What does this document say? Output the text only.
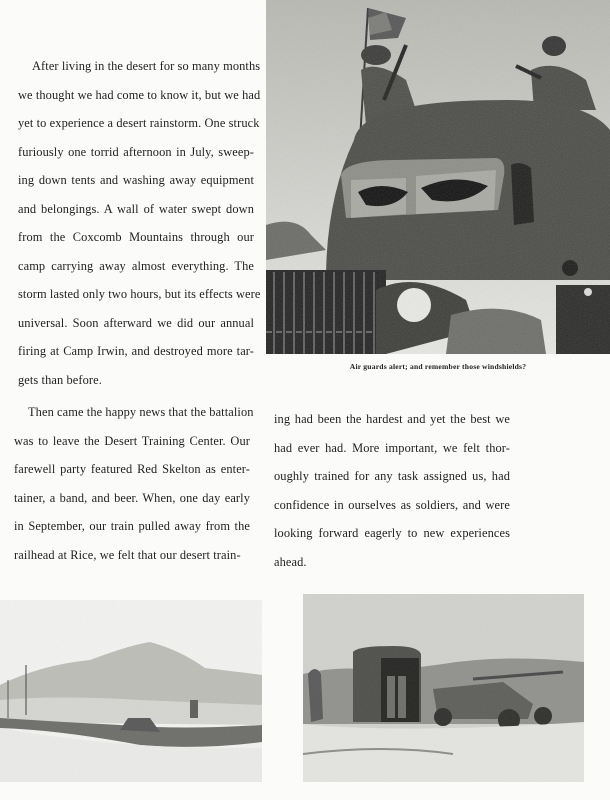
After living in the desert for so many months
we thought we had come to know it, but we had
yet to experience a desert rainstorm. One struck
furiously one torrid afternoon in July, sweep-
ing down tents and washing away equipment
and belongings. A wall of water swept down
from the Coxcomb Mountains through our
camp carrying away almost everything. The
storm lasted only two hours, but its effects were
universal. Soon afterward we did our annual
firing at Camp Irwin, and destroyed more tar-
gets than before.
Then came the happy news that the battalion
was to leave the Desert Training Center. Our
farewell party featured Red Skelton as enter-
tainer, a band, and beer. When, one day early
in September, our train pulled away from the
railhead at Rice, we felt that our desert train-
ing had been the hardest and yet the best we
had ever had. More important, we felt thor-
oughly trained for any task assigned us, had
confidence in ourselves as soldiers, and were
looking forward eagerly to new experiences
ahead.
Air guards alert; and remember those windshields?
